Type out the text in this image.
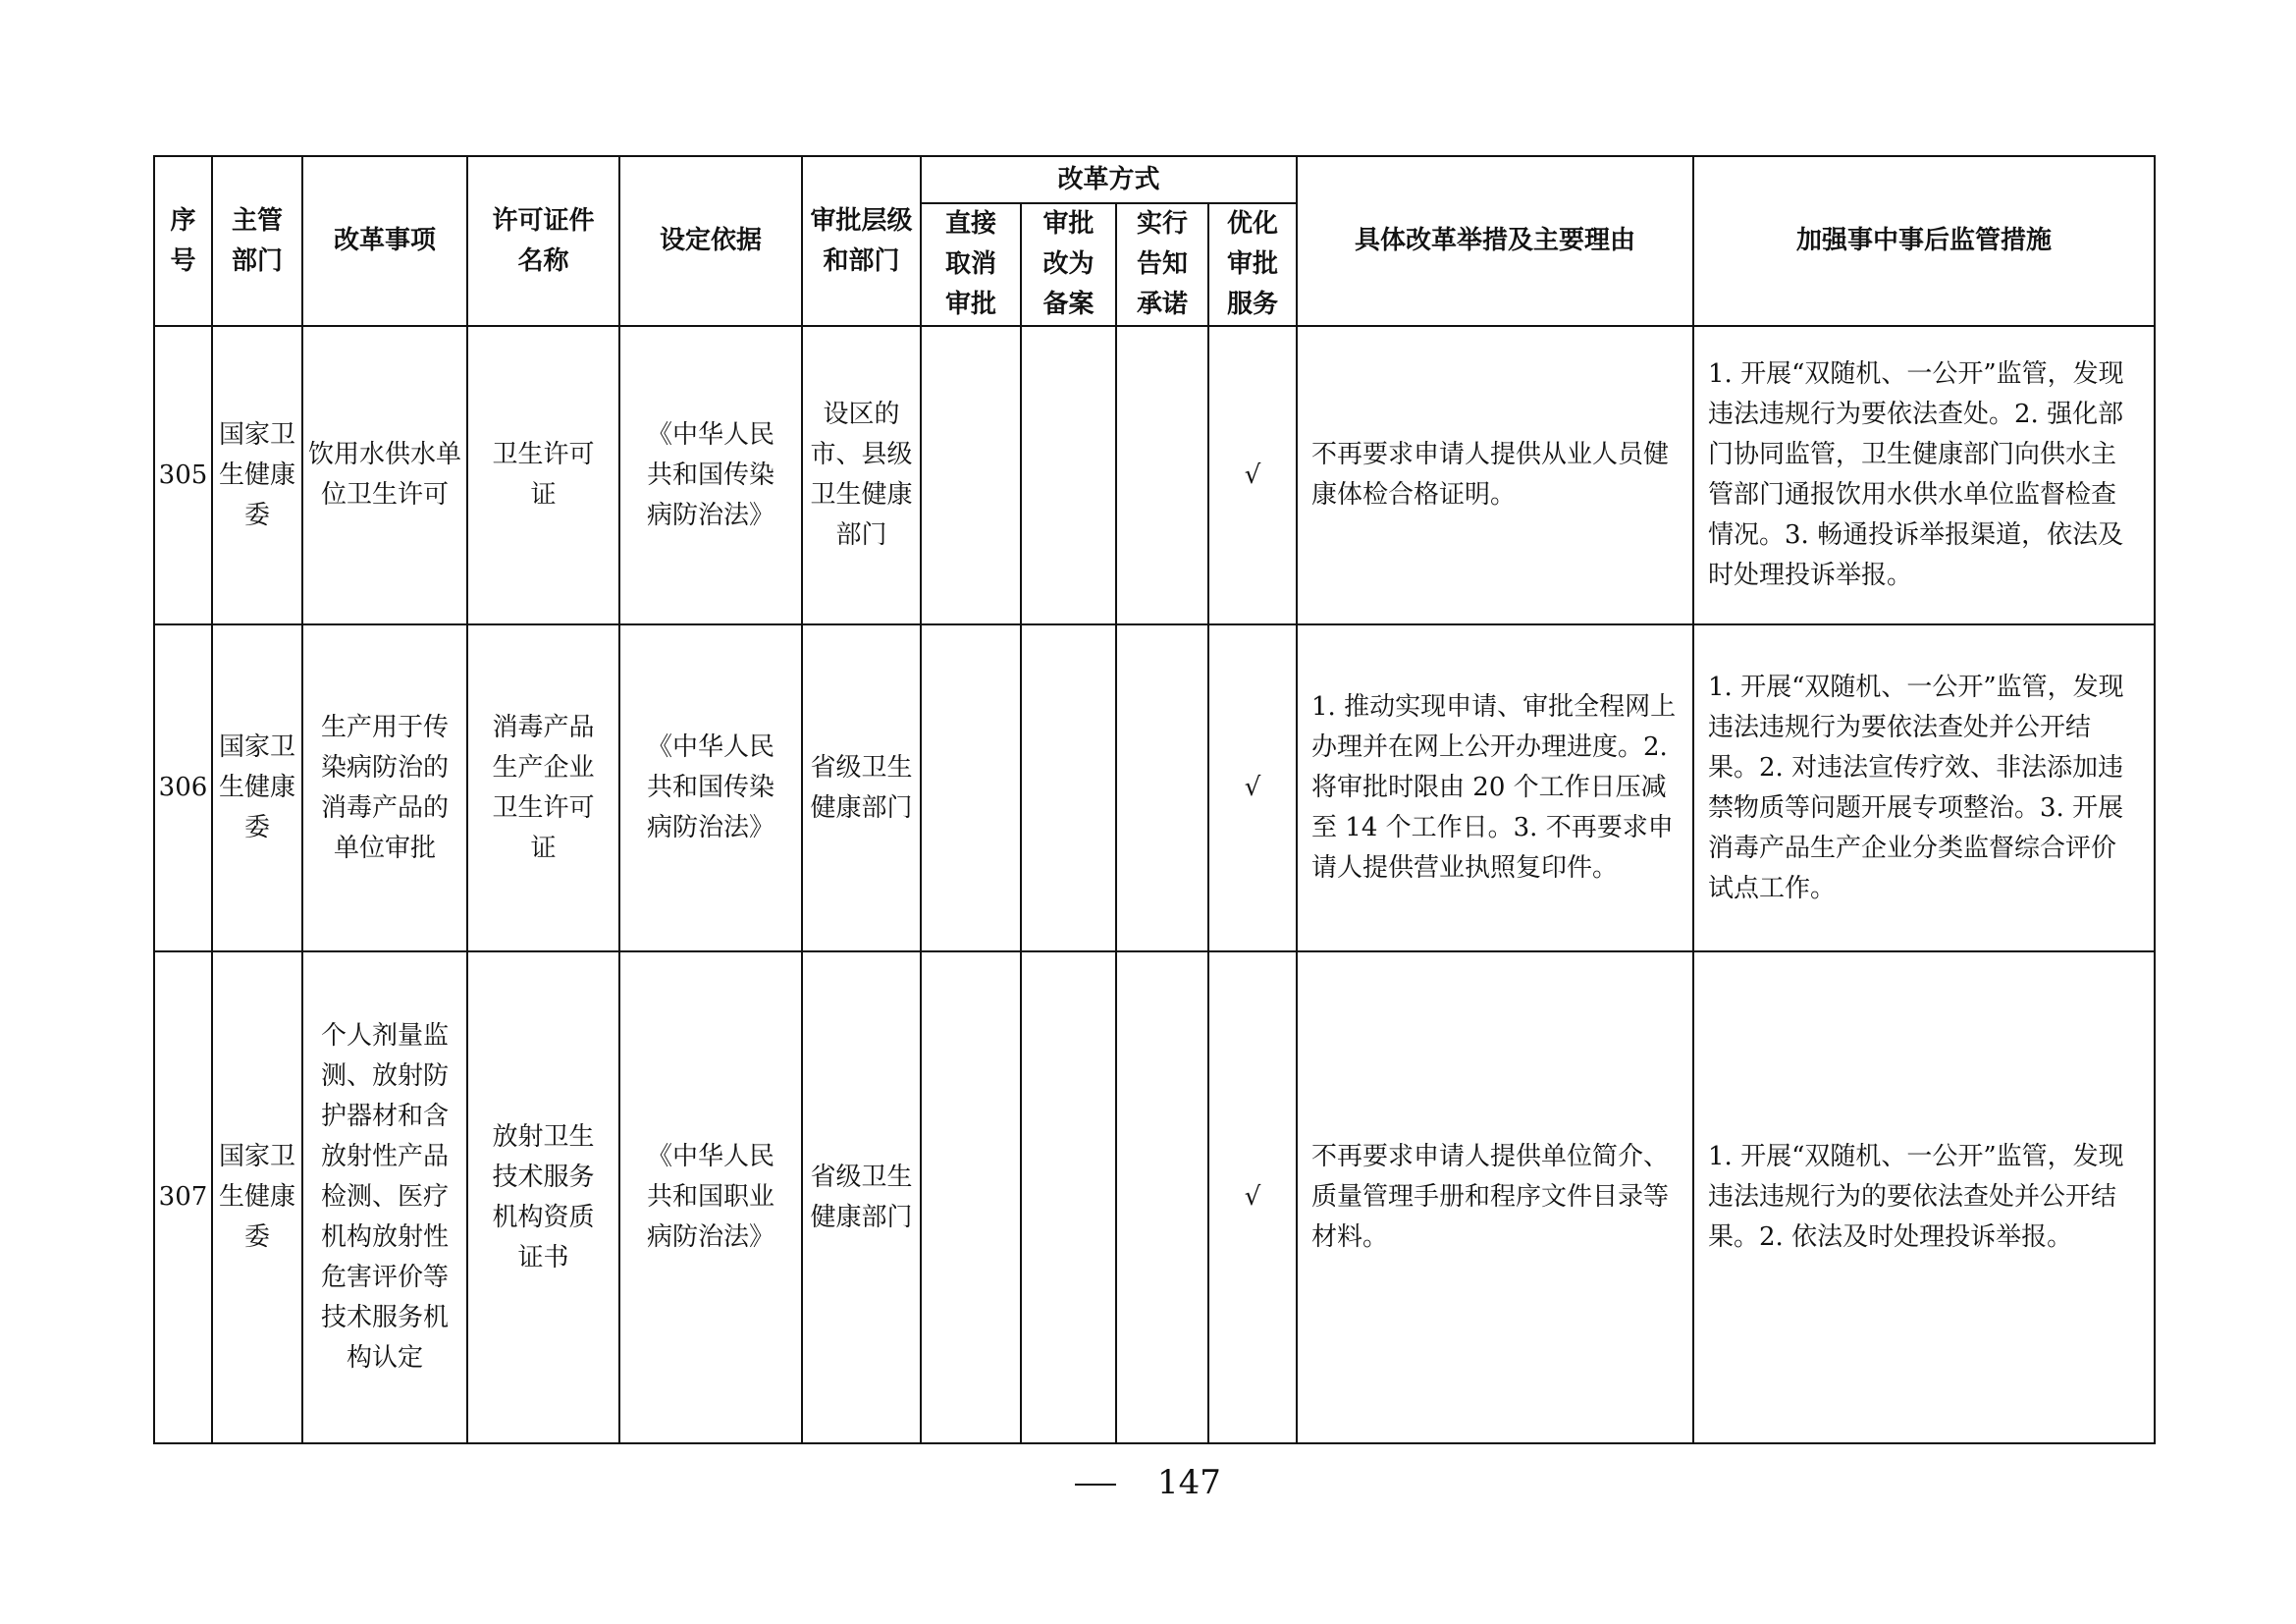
序号	主管部门	改革事项	许可证件名称	设定依据	审批层级和部门	改革方式				具体改革举措及主要理由	加强事中事后监管措施
						直接取消审批	审批改为备案	实行告知承诺	优化审批服务		
305	国家卫生健康委	饮用水供水单位卫生许可	卫生许可证	《中华人民共和国传染病防治法》	设区的市、县级卫生健康部门				√	不再要求申请人提供从业人员健康体检合格证明。	1. 开展“双随机、一公开”监管，发现违法违规行为要依法查处。2. 强化部门协同监管，卫生健康部门向供水主管部门通报饮用水供水单位监督检查情况。3. 畅通投诉举报渠道，依法及时处理投诉举报。
306	国家卫生健康委	生产用于传染病防治的消毒产品的单位审批	消毒产品生产企业卫生许可证	《中华人民共和国传染病防治法》	省级卫生健康部门				√	1. 推动实现申请、审批全程网上办理并在网上公开办理进度。2. 将审批时限由 20 个工作日压减至 14 个工作日。3. 不再要求申请人提供营业执照复印件。	1. 开展“双随机、一公开”监管，发现违法违规行为要依法查处并公开结果。2. 对违法宣传疗效、非法添加违禁物质等问题开展专项整治。3. 开展消毒产品生产企业分类监督综合评价试点工作。
307	国家卫生健康委	个人剂量监测、放射防护器材和含放射性产品检测、医疗机构放射性危害评价等技术服务机构认定	放射卫生技术服务机构资质证书	《中华人民共和国职业病防治法》	省级卫生健康部门				√	不再要求申请人提供单位简介、质量管理手册和程序文件目录等材料。	1. 开展“双随机、一公开”监管，发现违法违规行为的要依法查处并公开结果。2. 依法及时处理投诉举报。
147
